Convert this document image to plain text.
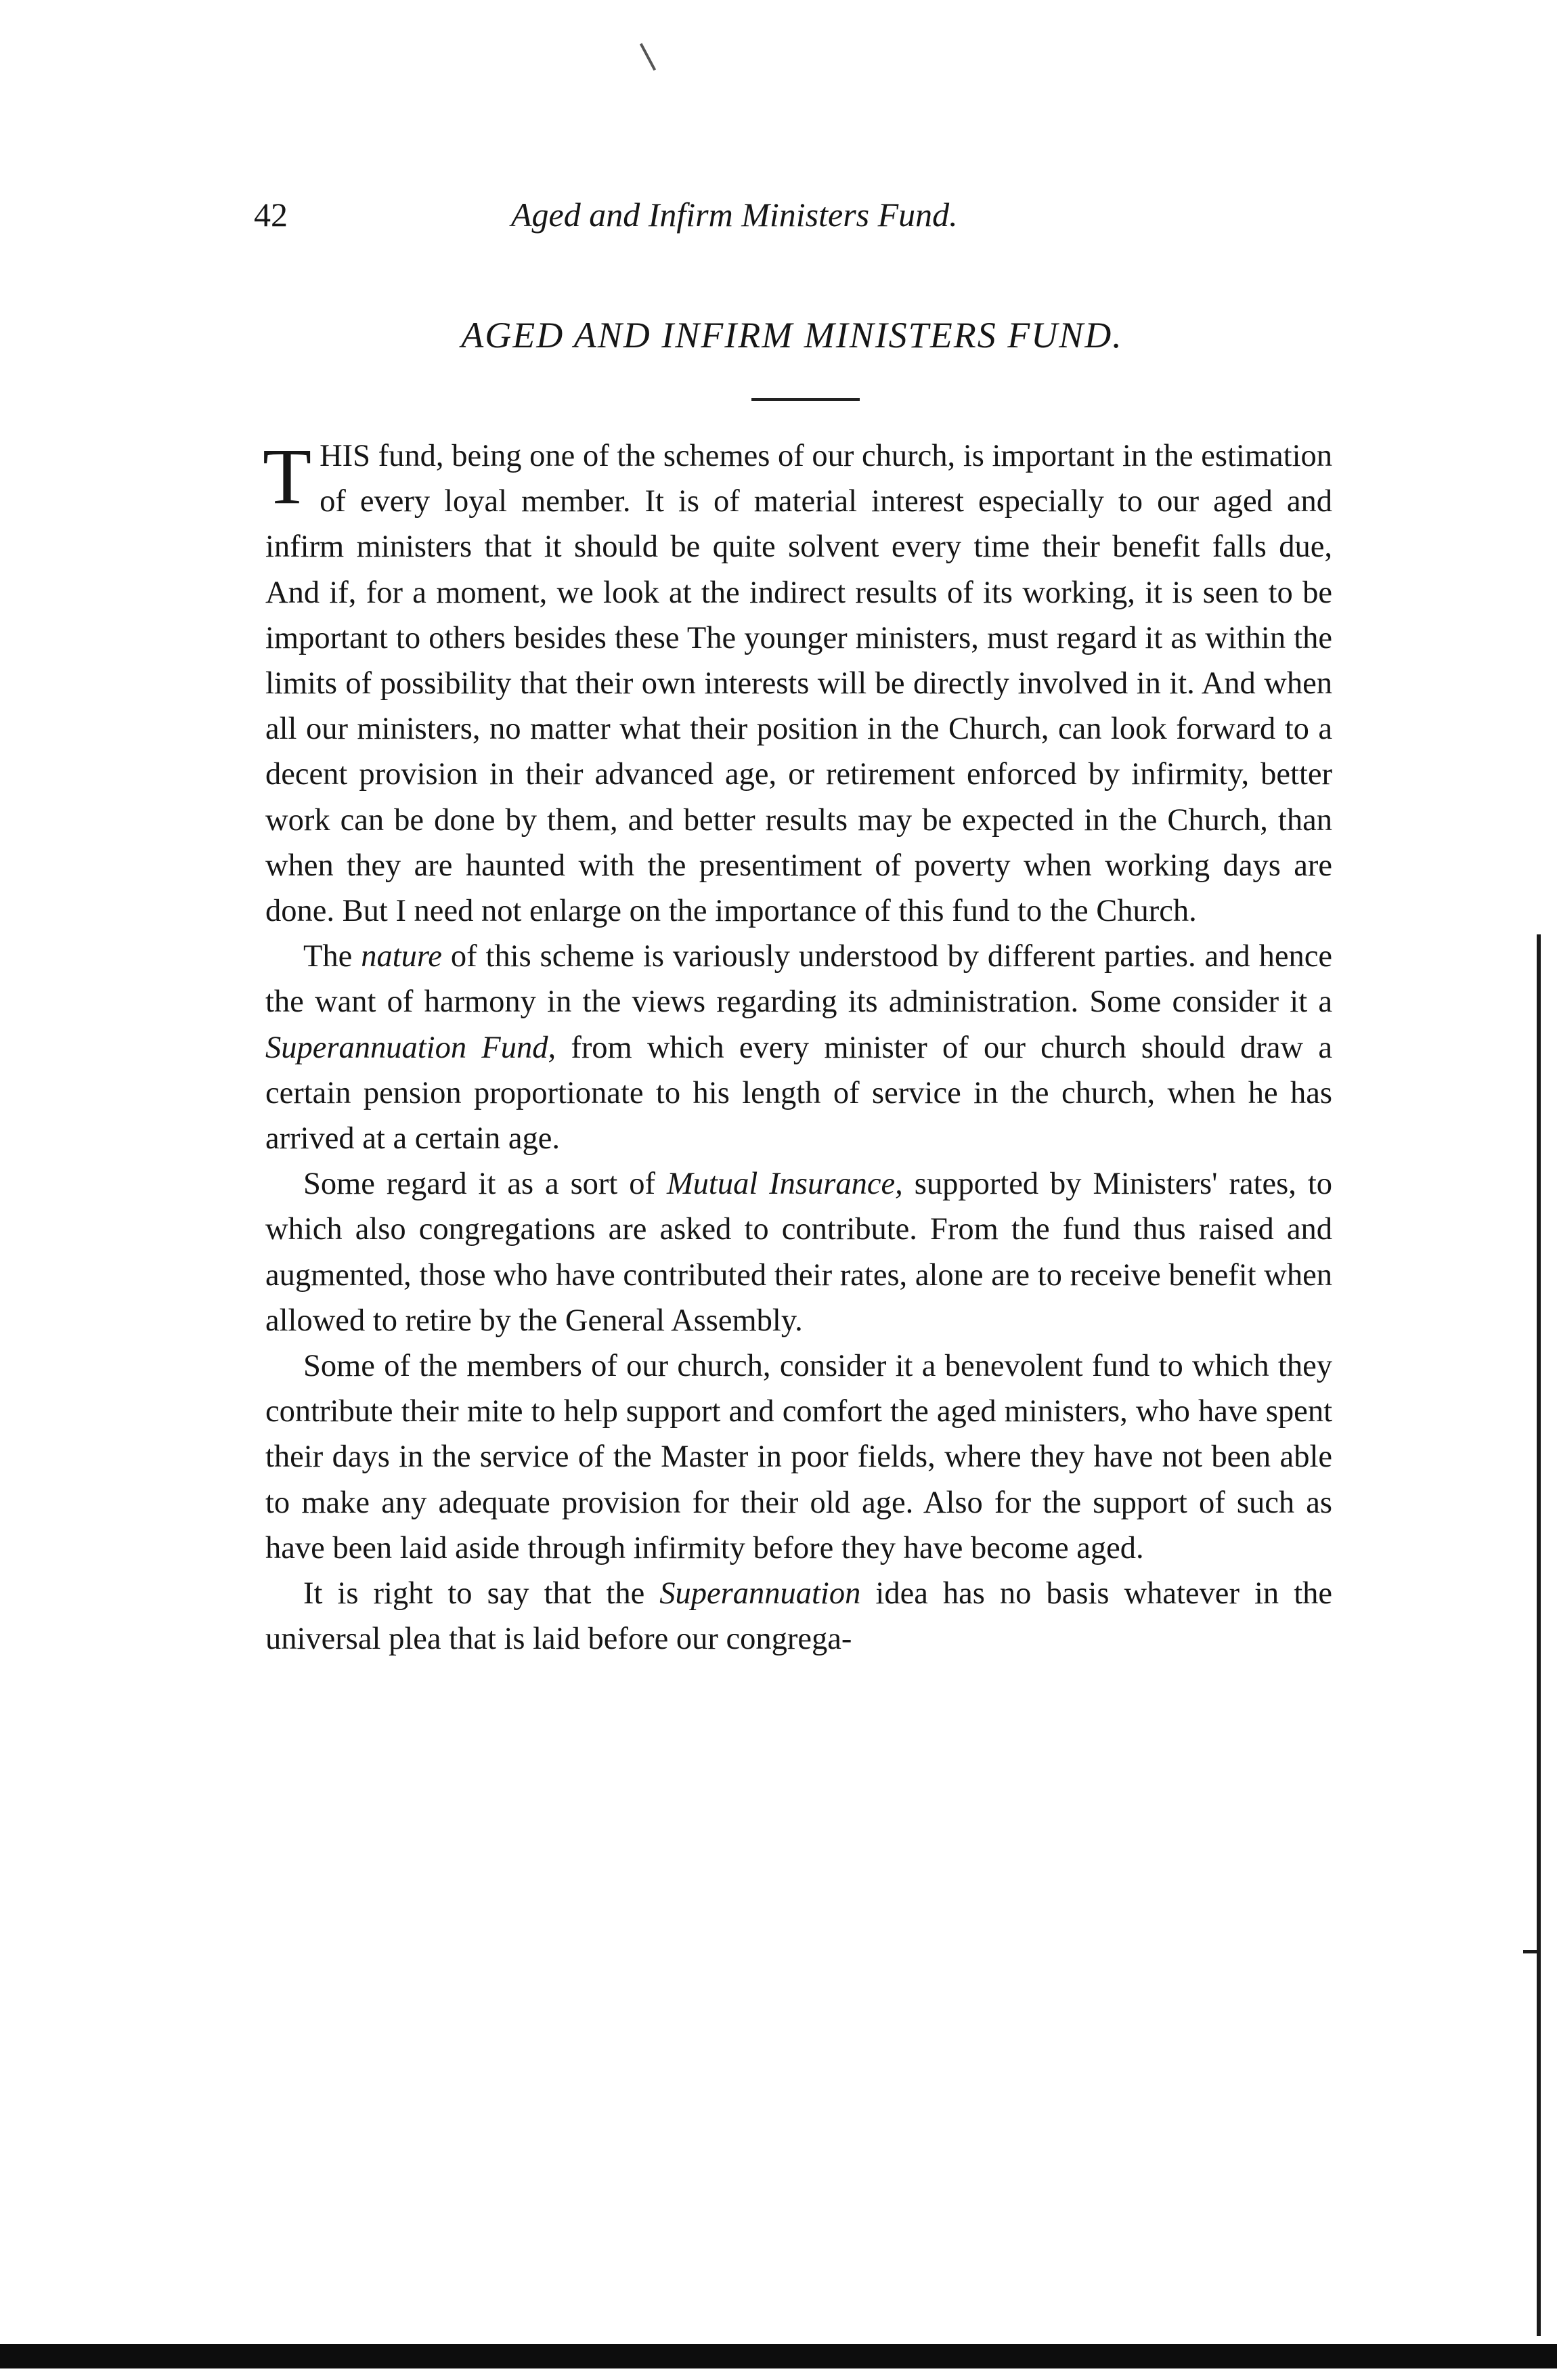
42	Aged and Infirm Ministers Fund.
AGED AND INFIRM MINISTERS FUND.

THIS fund, being one of the schemes of our church, is important in the estimation of every loyal member. It is of material interest especially to our aged and infirm ministers that it should be quite solvent every time their benefit falls due, And if, for a moment, we look at the indirect results of its working, it is seen to be important to others besides these The younger ministers, must regard it as within the limits of possibility that their own interests will be directly involved in it. And when all our ministers, no matter what their position in the Church, can look forward to a decent provision in their advanced age, or retirement enforced by infirmity, better work can be done by them, and better results may be expected in the Church, than when they are haunted with the presentiment of poverty when working days are done. But I need not enlarge on the importance of this fund to the Church.

The nature of this scheme is variously understood by different parties. and hence the want of harmony in the views regarding its administration. Some consider it a Superannuation Fund, from which every minister of our church should draw a certain pension proportionate to his length of service in the church, when he has arrived at a certain age.

Some regard it as a sort of Mutual Insurance, supported by Ministers' rates, to which also congregations are asked to contribute. From the fund thus raised and augmented, those who have contributed their rates, alone are to receive benefit when allowed to retire by the General Assembly.

Some of the members of our church, consider it a benevolent fund to which they contribute their mite to help support and comfort the aged ministers, who have spent their days in the service of the Master in poor fields, where they have not been able to make any adequate provision for their old age. Also for the support of such as have been laid aside through infirmity before they have become aged.

It is right to say that the Superannuation idea has no basis whatever in the universal plea that is laid before our congrega-
